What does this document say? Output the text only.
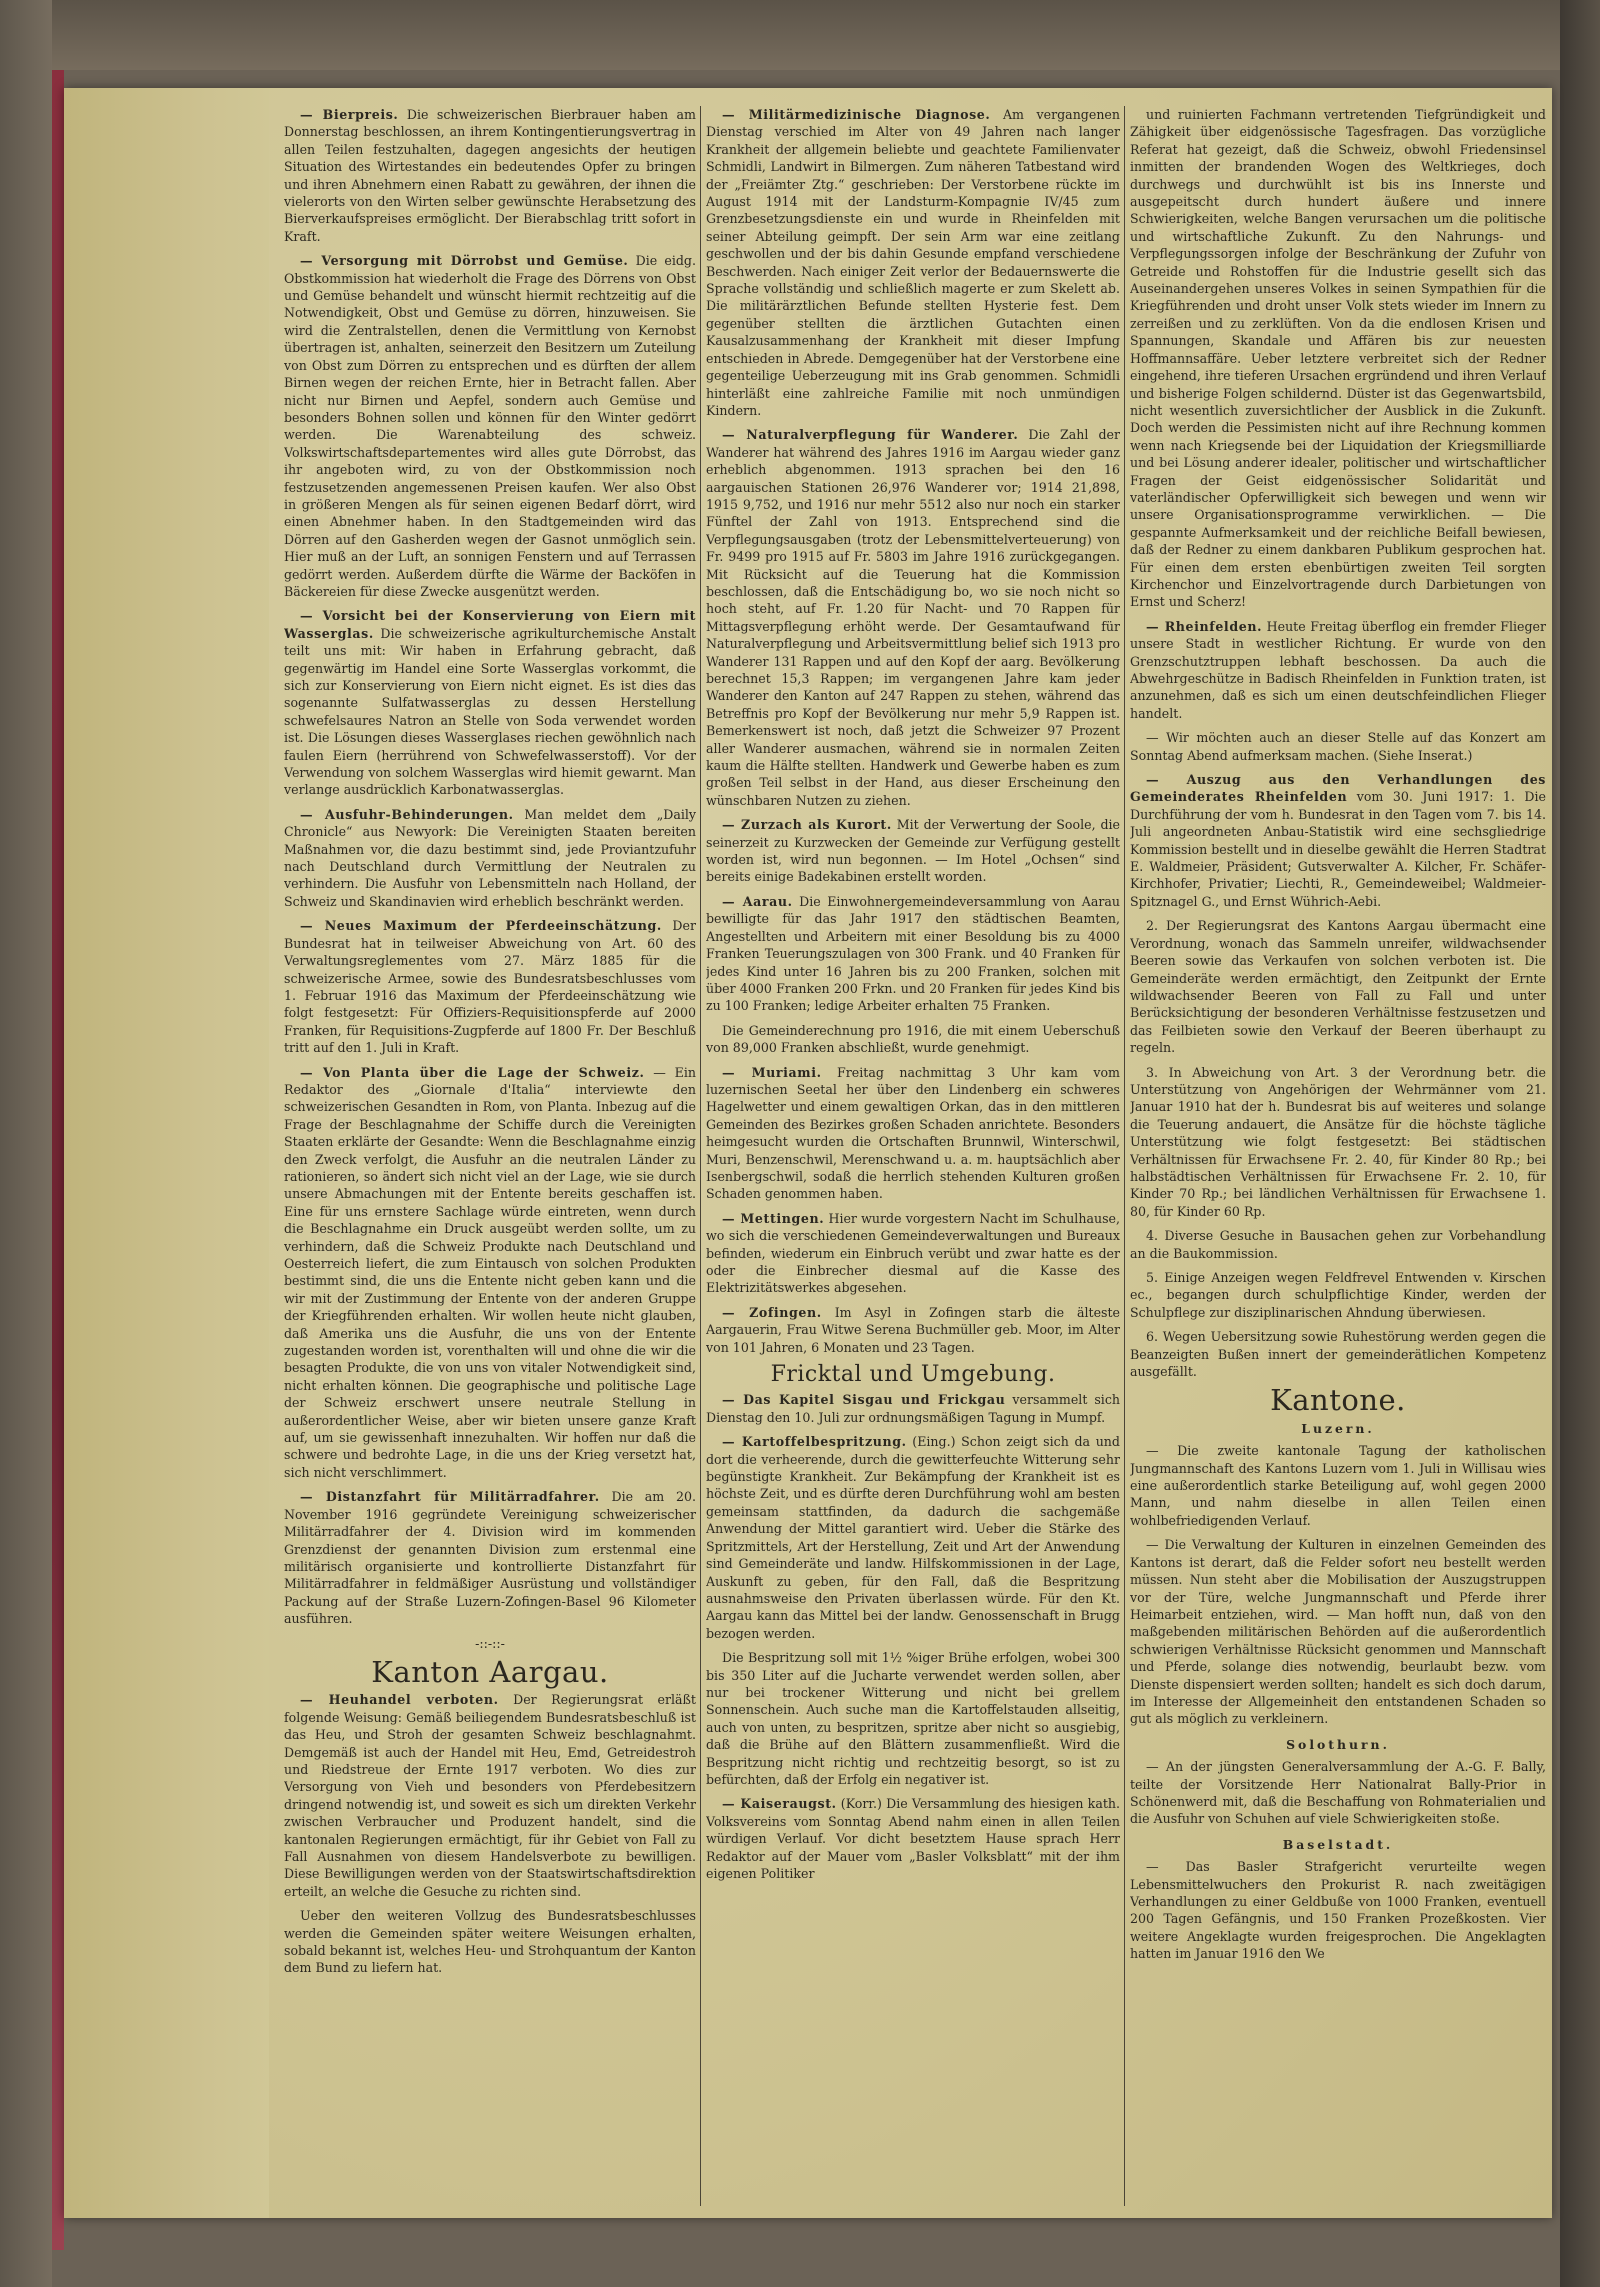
— Bierpreis. Die schweizerischen Bierbrauer haben am Donnerstag beschlossen, an ihrem Kontingentierungsvertrag in allen Teilen festzuhalten, dagegen angesichts der heutigen Situation des Wirtestandes ein bedeutendes Opfer zu bringen und ihren Abnehmern einen Rabatt zu gewähren, der ihnen die vielerorts von den Wirten selber gewünschte Herabsetzung des Bierverkaufspreises ermöglicht. Der Bierabschlag tritt sofort in Kraft.

— Versorgung mit Dörrobst und Gemüse. Die eidg. Obstkommission hat wiederholt die Frage des Dörrens von Obst und Gemüse behandelt und wünscht hiermit rechtzeitig auf die Notwendigkeit, Obst und Gemüse zu dörren, hinzuweisen. Sie wird die Zentralstellen, denen die Vermittlung von Kernobst übertragen ist, anhalten, seinerzeit den Besitzern um Zuteilung von Obst zum Dörren zu entsprechen und es dürften der allem Birnen wegen der reichen Ernte, hier in Betracht fallen. Aber nicht nur Birnen und Aepfel, sondern auch Gemüse und besonders Bohnen sollen und können für den Winter gedörrt werden. Die Warenabteilung des schweiz. Volkswirtschaftsdepartementes wird alles gute Dörrobst, das ihr angeboten wird, zu von der Obstkommission noch festzusetzenden angemessenen Preisen kaufen. Wer also Obst in größeren Mengen als für seinen eigenen Bedarf dörrt, wird einen Abnehmer haben. In den Stadtgemeinden wird das Dörren auf den Gasherden wegen der Gasnot unmöglich sein. Hier muß an der Luft, an sonnigen Fenstern und auf Terrassen gedörrt werden. Außerdem dürfte die Wärme der Backöfen in Bäckereien für diese Zwecke ausgenützt werden.

— Vorsicht bei der Konservierung von Eiern mit Wasserglas. Die schweizerische agrikulturchemische Anstalt teilt uns mit: Wir haben in Erfahrung gebracht, daß gegenwärtig im Handel eine Sorte Wasserglas vorkommt, die sich zur Konservierung von Eiern nicht eignet. Es ist dies das sogenannte Sulfatwasserglas zu dessen Herstellung schwefelsaures Natron an Stelle von Soda verwendet worden ist. Die Lösungen dieses Wasserglases riechen gewöhnlich nach faulen Eiern (herrührend von Schwefelwasserstoff). Vor der Verwendung von solchem Wasserglas wird hiemit gewarnt. Man verlange ausdrücklich Karbonatwasserglas.

— Ausfuhr-Behinderungen. Man meldet dem „Daily Chronicle“ aus Newyork: Die Vereinigten Staaten bereiten Maßnahmen vor, die dazu bestimmt sind, jede Proviantzufuhr nach Deutschland durch Vermittlung der Neutralen zu verhindern. Die Ausfuhr von Lebensmitteln nach Holland, der Schweiz und Skandinavien wird erheblich beschränkt werden.

— Neues Maximum der Pferdeeinschätzung. Der Bundesrat hat in teilweiser Abweichung von Art. 60 des Verwaltungsreglementes vom 27. März 1885 für die schweizerische Armee, sowie des Bundesratsbeschlusses vom 1. Februar 1916 das Maximum der Pferdeeinschätzung wie folgt festgesetzt: Für Offiziers-Requisitionspferde auf 2000 Franken, für Requisitions-Zugpferde auf 1800 Fr. Der Beschluß tritt auf den 1. Juli in Kraft.

— Von Planta über die Lage der Schweiz. — Ein Redaktor des „Giornale d'Italia“ interviewte den schweizerischen Gesandten in Rom, von Planta. Inbezug auf die Frage der Beschlagnahme der Schiffe durch die Vereinigten Staaten erklärte der Gesandte: Wenn die Beschlagnahme einzig den Zweck verfolgt, die Ausfuhr an die neutralen Länder zu rationieren, so ändert sich nicht viel an der Lage, wie sie durch unsere Abmachungen mit der Entente bereits geschaffen ist. Eine für uns ernstere Sachlage würde eintreten, wenn durch die Beschlagnahme ein Druck ausgeübt werden sollte, um zu verhindern, daß die Schweiz Produkte nach Deutschland und Oesterreich liefert, die zum Eintausch von solchen Produkten bestimmt sind, die uns die Entente nicht geben kann und die wir mit der Zustimmung der Entente von der anderen Gruppe der Kriegführenden erhalten. Wir wollen heute nicht glauben, daß Amerika uns die Ausfuhr, die uns von der Entente zugestanden worden ist, vorenthalten will und ohne die wir die besagten Produkte, die von uns von vitaler Notwendigkeit sind, nicht erhalten können. Die geographische und politische Lage der Schweiz erschwert unsere neutrale Stellung in außerordentlicher Weise, aber wir bieten unsere ganze Kraft auf, um sie gewissenhaft innezuhalten. Wir hoffen nur daß die schwere und bedrohte Lage, in die uns der Krieg versetzt hat, sich nicht verschlimmert.

— Distanzfahrt für Militärradfahrer. Die am 20. November 1916 gegründete Vereinigung schweizerischer Militärradfahrer der 4. Division wird im kommenden Grenzdienst der genannten Division zum erstenmal eine militärisch organisierte und kontrollierte Distanzfahrt für Militärradfahrer in feldmäßiger Ausrüstung und vollständiger Packung auf der Straße Luzern-Zofingen-Basel 96 Kilometer ausführen.

-::-::-
Kanton Aargau.

— Heuhandel verboten. Der Regierungsrat erläßt folgende Weisung: Gemäß beiliegendem Bundesratsbeschluß ist das Heu, und Stroh der gesamten Schweiz beschlagnahmt. Demgemäß ist auch der Handel mit Heu, Emd, Getreidestroh und Riedstreue der Ernte 1917 verboten. Wo dies zur Versorgung von Vieh und besonders von Pferdebesitzern dringend notwendig ist, und soweit es sich um direkten Verkehr zwischen Verbraucher und Produzent handelt, sind die kantonalen Regierungen ermächtigt, für ihr Gebiet von Fall zu Fall Ausnahmen von diesem Handelsverbote zu bewilligen. Diese Bewilligungen werden von der Staatswirtschaftsdirektion erteilt, an welche die Gesuche zu richten sind.

Ueber den weiteren Vollzug des Bundesratsbeschlusses werden die Gemeinden später weitere Weisungen erhalten, sobald bekannt ist, welches Heu- und Strohquantum der Kanton dem Bund zu liefern hat.

— Militärmedizinische Diagnose. Am vergangenen Dienstag verschied im Alter von 49 Jahren nach langer Krankheit der allgemein beliebte und geachtete Familienvater Schmidli, Landwirt in Bilmergen. Zum näheren Tatbestand wird der „Freiämter Ztg.“ geschrieben: Der Verstorbene rückte im August 1914 mit der Landsturm-Kompagnie IV/45 zum Grenzbesetzungsdienste ein und wurde in Rheinfelden mit seiner Abteilung geimpft. Der sein Arm war eine zeitlang geschwollen und der bis dahin Gesunde empfand verschiedene Beschwerden. Nach einiger Zeit verlor der Bedauernswerte die Sprache vollständig und schließlich magerte er zum Skelett ab. Die militärärztlichen Befunde stellten Hysterie fest. Dem gegenüber stellten die ärztlichen Gutachten einen Kausalzusammenhang der Krankheit mit dieser Impfung entschieden in Abrede. Demgegenüber hat der Verstorbene eine gegenteilige Ueberzeugung mit ins Grab genommen. Schmidli hinterläßt eine zahlreiche Familie mit noch unmündigen Kindern.

— Naturalverpflegung für Wanderer. Die Zahl der Wanderer hat während des Jahres 1916 im Aargau wieder ganz erheblich abgenommen. 1913 sprachen bei den 16 aargauischen Stationen 26,976 Wanderer vor; 1914 21,898, 1915 9,752, und 1916 nur mehr 5512 also nur noch ein starker Fünftel der Zahl von 1913. Entsprechend sind die Verpflegungsausgaben (trotz der Lebensmittelverteuerung) von Fr. 9499 pro 1915 auf Fr. 5803 im Jahre 1916 zurückgegangen. Mit Rücksicht auf die Teuerung hat die Kommission beschlossen, daß die Entschädigung bo, wo sie noch nicht so hoch steht, auf Fr. 1.20 für Nacht- und 70 Rappen für Mittagsverpflegung erhöht werde. Der Gesamtaufwand für Naturalverpflegung und Arbeitsvermittlung belief sich 1913 pro Wanderer 131 Rappen und auf den Kopf der aarg. Bevölkerung berechnet 15,3 Rappen; im vergangenen Jahre kam jeder Wanderer den Kanton auf 247 Rappen zu stehen, während das Betreffnis pro Kopf der Bevölkerung nur mehr 5,9 Rappen ist. Bemerkenswert ist noch, daß jetzt die Schweizer 97 Prozent aller Wanderer ausmachen, während sie in normalen Zeiten kaum die Hälfte stellten. Handwerk und Gewerbe haben es zum großen Teil selbst in der Hand, aus dieser Erscheinung den wünschbaren Nutzen zu ziehen.

— Zurzach als Kurort. Mit der Verwertung der Soole, die seinerzeit zu Kurzwecken der Gemeinde zur Verfügung gestellt worden ist, wird nun begonnen. — Im Hotel „Ochsen“ sind bereits einige Badekabinen erstellt worden.

— Aarau. Die Einwohnergemeindeversammlung von Aarau bewilligte für das Jahr 1917 den städtischen Beamten, Angestellten und Arbeitern mit einer Besoldung bis zu 4000 Franken Teuerungszulagen von 300 Frank. und 40 Franken für jedes Kind unter 16 Jahren bis zu 200 Franken, solchen mit über 4000 Franken 200 Frkn. und 20 Franken für jedes Kind bis zu 100 Franken; ledige Arbeiter erhalten 75 Franken.

Die Gemeinderechnung pro 1916, die mit einem Ueberschuß von 89,000 Franken abschließt, wurde genehmigt.

— Muriami. Freitag nachmittag 3 Uhr kam vom luzernischen Seetal her über den Lindenberg ein schweres Hagelwetter und einem gewaltigen Orkan, das in den mittleren Gemeinden des Bezirkes großen Schaden anrichtete. Besonders heimgesucht wurden die Ortschaften Brunnwil, Winterschwil, Muri, Benzenschwil, Merenschwand u. a. m. hauptsächlich aber Isenbergschwil, sodaß die herrlich stehenden Kulturen großen Schaden genommen haben.

— Mettingen. Hier wurde vorgestern Nacht im Schulhause, wo sich die verschiedenen Gemeindeverwaltungen und Bureaux befinden, wiederum ein Einbruch verübt und zwar hatte es der oder die Einbrecher diesmal auf die Kasse des Elektrizitätswerkes abgesehen.

— Zofingen. Im Asyl in Zofingen starb die älteste Aargauerin, Frau Witwe Serena Buchmüller geb. Moor, im Alter von 101 Jahren, 6 Monaten und 23 Tagen.

Fricktal und Umgebung.

— Das Kapitel Sisgau und Frickgau versammelt sich Dienstag den 10. Juli zur ordnungsmäßigen Tagung in Mumpf.

— Kartoffelbespritzung. (Eing.) Schon zeigt sich da und dort die verheerende, durch die gewitterfeuchte Witterung sehr begünstigte Krankheit. Zur Bekämpfung der Krankheit ist es höchste Zeit, und es dürfte deren Durchführung wohl am besten gemeinsam stattfinden, da dadurch die sachgemäße Anwendung der Mittel garantiert wird. Ueber die Stärke des Spritzmittels, Art der Herstellung, Zeit und Art der Anwendung sind Gemeinderäte und landw. Hilfskommissionen in der Lage, Auskunft zu geben, für den Fall, daß die Bespritzung ausnahmsweise den Privaten überlassen würde. Für den Kt. Aargau kann das Mittel bei der landw. Genossenschaft in Brugg bezogen werden.

Die Bespritzung soll mit 1½ %iger Brühe erfolgen, wobei 300 bis 350 Liter auf die Jucharte verwendet werden sollen, aber nur bei trockener Witterung und nicht bei grellem Sonnenschein. Auch suche man die Kartoffelstauden allseitig, auch von unten, zu bespritzen, spritze aber nicht so ausgiebig, daß die Brühe auf den Blättern zusammenfließt. Wird die Bespritzung nicht richtig und rechtzeitig besorgt, so ist zu befürchten, daß der Erfolg ein negativer ist.

— Kaiseraugst. (Korr.) Die Versammlung des hiesigen kath. Volksvereins vom Sonntag Abend nahm einen in allen Teilen würdigen Verlauf. Vor dicht besetztem Hause sprach Herr Redaktor auf der Mauer vom „Basler Volksblatt“ mit der ihm eigenen Politiker

und ruinierten Fachmann vertretenden Tiefgründigkeit und Zähigkeit über eidgenössische Tagesfragen. Das vorzügliche Referat hat gezeigt, daß die Schweiz, obwohl Friedensinsel inmitten der brandenden Wogen des Weltkrieges, doch durchwegs und durchwühlt ist bis ins Innerste und ausgepeitscht durch hundert äußere und innere Schwierigkeiten, welche Bangen verursachen um die politische und wirtschaftliche Zukunft. Zu den Nahrungs- und Verpflegungssorgen infolge der Beschränkung der Zufuhr von Getreide und Rohstoffen für die Industrie gesellt sich das Auseinandergehen unseres Volkes in seinen Sympathien für die Kriegführenden und droht unser Volk stets wieder im Innern zu zerreißen und zu zerklüften. Von da die endlosen Krisen und Spannungen, Skandale und Affären bis zur neuesten Hoffmannsaffäre. Ueber letztere verbreitet sich der Redner eingehend, ihre tieferen Ursachen ergründend und ihren Verlauf und bisherige Folgen schildernd. Düster ist das Gegenwartsbild, nicht wesentlich zuversichtlicher der Ausblick in die Zukunft. Doch werden die Pessimisten nicht auf ihre Rechnung kommen wenn nach Kriegsende bei der Liquidation der Kriegsmilliarde und bei Lösung anderer idealer, politischer und wirtschaftlicher Fragen der Geist eidgenössischer Solidarität und vaterländischer Opferwilligkeit sich bewegen und wenn wir unsere Organisationsprogramme verwirklichen. — Die gespannte Aufmerksamkeit und der reichliche Beifall bewiesen, daß der Redner zu einem dankbaren Publikum gesprochen hat. Für einen dem ersten ebenbürtigen zweiten Teil sorgten Kirchenchor und Einzelvortragende durch Darbietungen von Ernst und Scherz!

— Rheinfelden. Heute Freitag überflog ein fremder Flieger unsere Stadt in westlicher Richtung. Er wurde von den Grenzschutztruppen lebhaft beschossen. Da auch die Abwehrgeschütze in Badisch Rheinfelden in Funktion traten, ist anzunehmen, daß es sich um einen deutschfeindlichen Flieger handelt.

— Wir möchten auch an dieser Stelle auf das Konzert am Sonntag Abend aufmerksam machen. (Siehe Inserat.)

— Auszug aus den Verhandlungen des Gemeinderates Rheinfelden vom 30. Juni 1917: 1. Die Durchführung der vom h. Bundesrat in den Tagen vom 7. bis 14. Juli angeordneten Anbau-Statistik wird eine sechsgliedrige Kommission bestellt und in dieselbe gewählt die Herren Stadtrat E. Waldmeier, Präsident; Gutsverwalter A. Kilcher, Fr. Schäfer-Kirchhofer, Privatier; Liechti, R., Gemeindeweibel; Waldmeier-Spitznagel G., und Ernst Wührich-Aebi.

2. Der Regierungsrat des Kantons Aargau übermacht eine Verordnung, wonach das Sammeln unreifer, wildwachsender Beeren sowie das Verkaufen von solchen verboten ist. Die Gemeinderäte werden ermächtigt, den Zeitpunkt der Ernte wildwachsender Beeren von Fall zu Fall und unter Berücksichtigung der besonderen Verhältnisse festzusetzen und das Feilbieten sowie den Verkauf der Beeren überhaupt zu regeln.

3. In Abweichung von Art. 3 der Verordnung betr. die Unterstützung von Angehörigen der Wehrmänner vom 21. Januar 1910 hat der h. Bundesrat bis auf weiteres und solange die Teuerung andauert, die Ansätze für die höchste tägliche Unterstützung wie folgt festgesetzt: Bei städtischen Verhältnissen für Erwachsene Fr. 2. 40, für Kinder 80 Rp.; bei halbstädtischen Verhältnissen für Erwachsene Fr. 2. 10, für Kinder 70 Rp.; bei ländlichen Verhältnissen für Erwachsene 1. 80, für Kinder 60 Rp.

4. Diverse Gesuche in Bausachen gehen zur Vorbehandlung an die Baukommission.

5. Einige Anzeigen wegen Feldfrevel Entwenden v. Kirschen ec., begangen durch schulpflichtige Kinder, werden der Schulpflege zur disziplinarischen Ahndung überwiesen.

6. Wegen Uebersitzung sowie Ruhestörung werden gegen die Beanzeigten Bußen innert der gemeinderätlichen Kompetenz ausgefällt.

Kantone.
Luzern.

— Die zweite kantonale Tagung der katholischen Jungmannschaft des Kantons Luzern vom 1. Juli in Willisau wies eine außerordentlich starke Beteiligung auf, wohl gegen 2000 Mann, und nahm dieselbe in allen Teilen einen wohlbefriedigenden Verlauf.

— Die Verwaltung der Kulturen in einzelnen Gemeinden des Kantons ist derart, daß die Felder sofort neu bestellt werden müssen. Nun steht aber die Mobilisation der Auszugstruppen vor der Türe, welche Jungmannschaft und Pferde ihrer Heimarbeit entziehen, wird. — Man hofft nun, daß von den maßgebenden militärischen Behörden auf die außerordentlich schwierigen Verhältnisse Rücksicht genommen und Mannschaft und Pferde, solange dies notwendig, beurlaubt bezw. vom Dienste dispensiert werden sollten; handelt es sich doch darum, im Interesse der Allgemeinheit den entstandenen Schaden so gut als möglich zu verkleinern.

Solothurn.

— An der jüngsten Generalversammlung der A.-G. F. Bally, teilte der Vorsitzende Herr Nationalrat Bally-Prior in Schönenwerd mit, daß die Beschaffung von Rohmaterialien und die Ausfuhr von Schuhen auf viele Schwierigkeiten stoße.

Baselstadt.

— Das Basler Strafgericht verurteilte wegen Lebensmittelwuchers den Prokurist R. nach zweitägigen Verhandlungen zu einer Geldbuße von 1000 Franken, eventuell 200 Tagen Gefängnis, und 150 Franken Prozeßkosten. Vier weitere Angeklagte wurden freigesprochen. Die Angeklagten hatten im Januar 1916 den We
